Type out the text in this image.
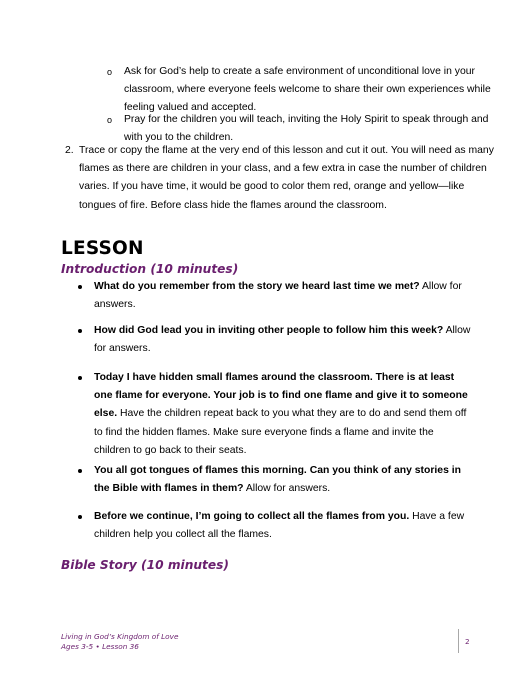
o Ask for God’s help to create a safe environment of unconditional love in your classroom, where everyone feels welcome to share their own experiences while feeling valued and accepted.
o Pray for the children you will teach, inviting the Holy Spirit to speak through and with you to the children.
2. Trace or copy the flame at the very end of this lesson and cut it out. You will need as many flames as there are children in your class, and a few extra in case the number of children varies. If you have time, it would be good to color them red, orange and yellow—like tongues of fire. Before class hide the flames around the classroom.
LESSON
Introduction (10 minutes)
What do you remember from the story we heard last time we met? Allow for answers.
How did God lead you in inviting other people to follow him this week? Allow for answers.
Today I have hidden small flames around the classroom. There is at least one flame for everyone. Your job is to find one flame and give it to someone else. Have the children repeat back to you what they are to do and send them off to find the hidden flames. Make sure everyone finds a flame and invite the children to go back to their seats.
You all got tongues of flames this morning. Can you think of any stories in the Bible with flames in them? Allow for answers.
Before we continue, I’m going to collect all the flames from you. Have a few children help you collect all the flames.
Bible Story (10 minutes)
Living in God’s Kingdom of Love
Ages 3-5 • Lesson 36
2
